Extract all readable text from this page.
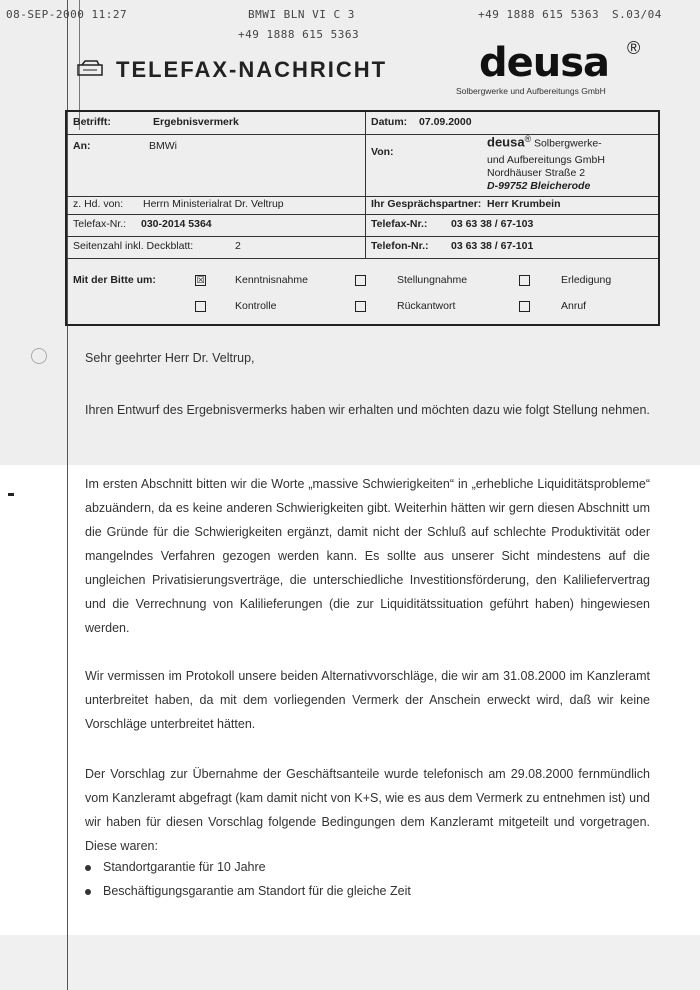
08-SEP-2000 11:27	BMWI BLN VI C 3
+49 1888 615 5363
+49 1888 615 5363 S.03/04
TELEFAX-NACHRICHT deusa ®
Solbergwerke und Aufbereitungs GmbH
Betrifft:	Ergebnisvermerk	Datum: 07.09.2000
An:	BMWi	Von:
deusa® Solbergwerke-
und Aufbereitungs GmbH
Nordhäuser Straße 2
D-99752 Bleicherode
z. Hd. von: Herrn Ministerialrat Dr. Veltrup	Ihr Gesprächspartner: Herr Krumbein
Telefax-Nr.: 030-2014 5364	Telefax-Nr.: 03 63 38 / 67-103
Seitenzahl inkl. Deckblatt:	2	Telefon-Nr.: 03 63 38 / 67-101
Mit der Bitte um:	☒	Kenntnisnahme	Stellungnahme	Erledigung
Kontrolle	Rückantwort	Anruf
Sehr geehrter Herr Dr. Veltrup,
Ihren Entwurf des Ergebnisvermerks haben wir erhalten und möchten dazu wie folgt Stellung nehmen.
Im ersten Abschnitt bitten wir die Worte „massive Schwierigkeiten“ in „erhebliche Liquiditätsprobleme“ abzuändern, da es keine anderen Schwierigkeiten gibt. Weiterhin hätten wir gern diesen Abschnitt um die Gründe für die Schwierigkeiten ergänzt, damit nicht der Schluß auf schlechte Produktivität oder mangelndes Verfahren gezogen werden kann. Es sollte aus unserer Sicht mindestens auf die ungleichen Privatisierungsverträge, die unterschiedliche Investitionsförderung, den Kaliliefervertrag und die Verrechnung von Kalilieferungen (die zur Liquiditätssituation geführt haben) hingewiesen werden.
Wir vermissen im Protokoll unsere beiden Alternativvorschläge, die wir am 31.08.2000 im Kanzleramt unterbreitet haben, da mit dem vorliegenden Vermerk der Anschein erweckt wird, daß wir keine Vorschläge unterbreitet hätten.
Der Vorschlag zur Übernahme der Geschäftsanteile wurde telefonisch am 29.08.2000 fernmündlich vom Kanzleramt abgefragt (kam damit nicht von K+S, wie es aus dem Vermerk zu entnehmen ist) und wir haben für diesen Vorschlag folgende Bedingungen dem Kanzleramt mitgeteilt und vorgetragen. Diese waren:
Standortgarantie für 10 Jahre
Beschäftigungsgarantie am Standort für die gleiche Zeit
